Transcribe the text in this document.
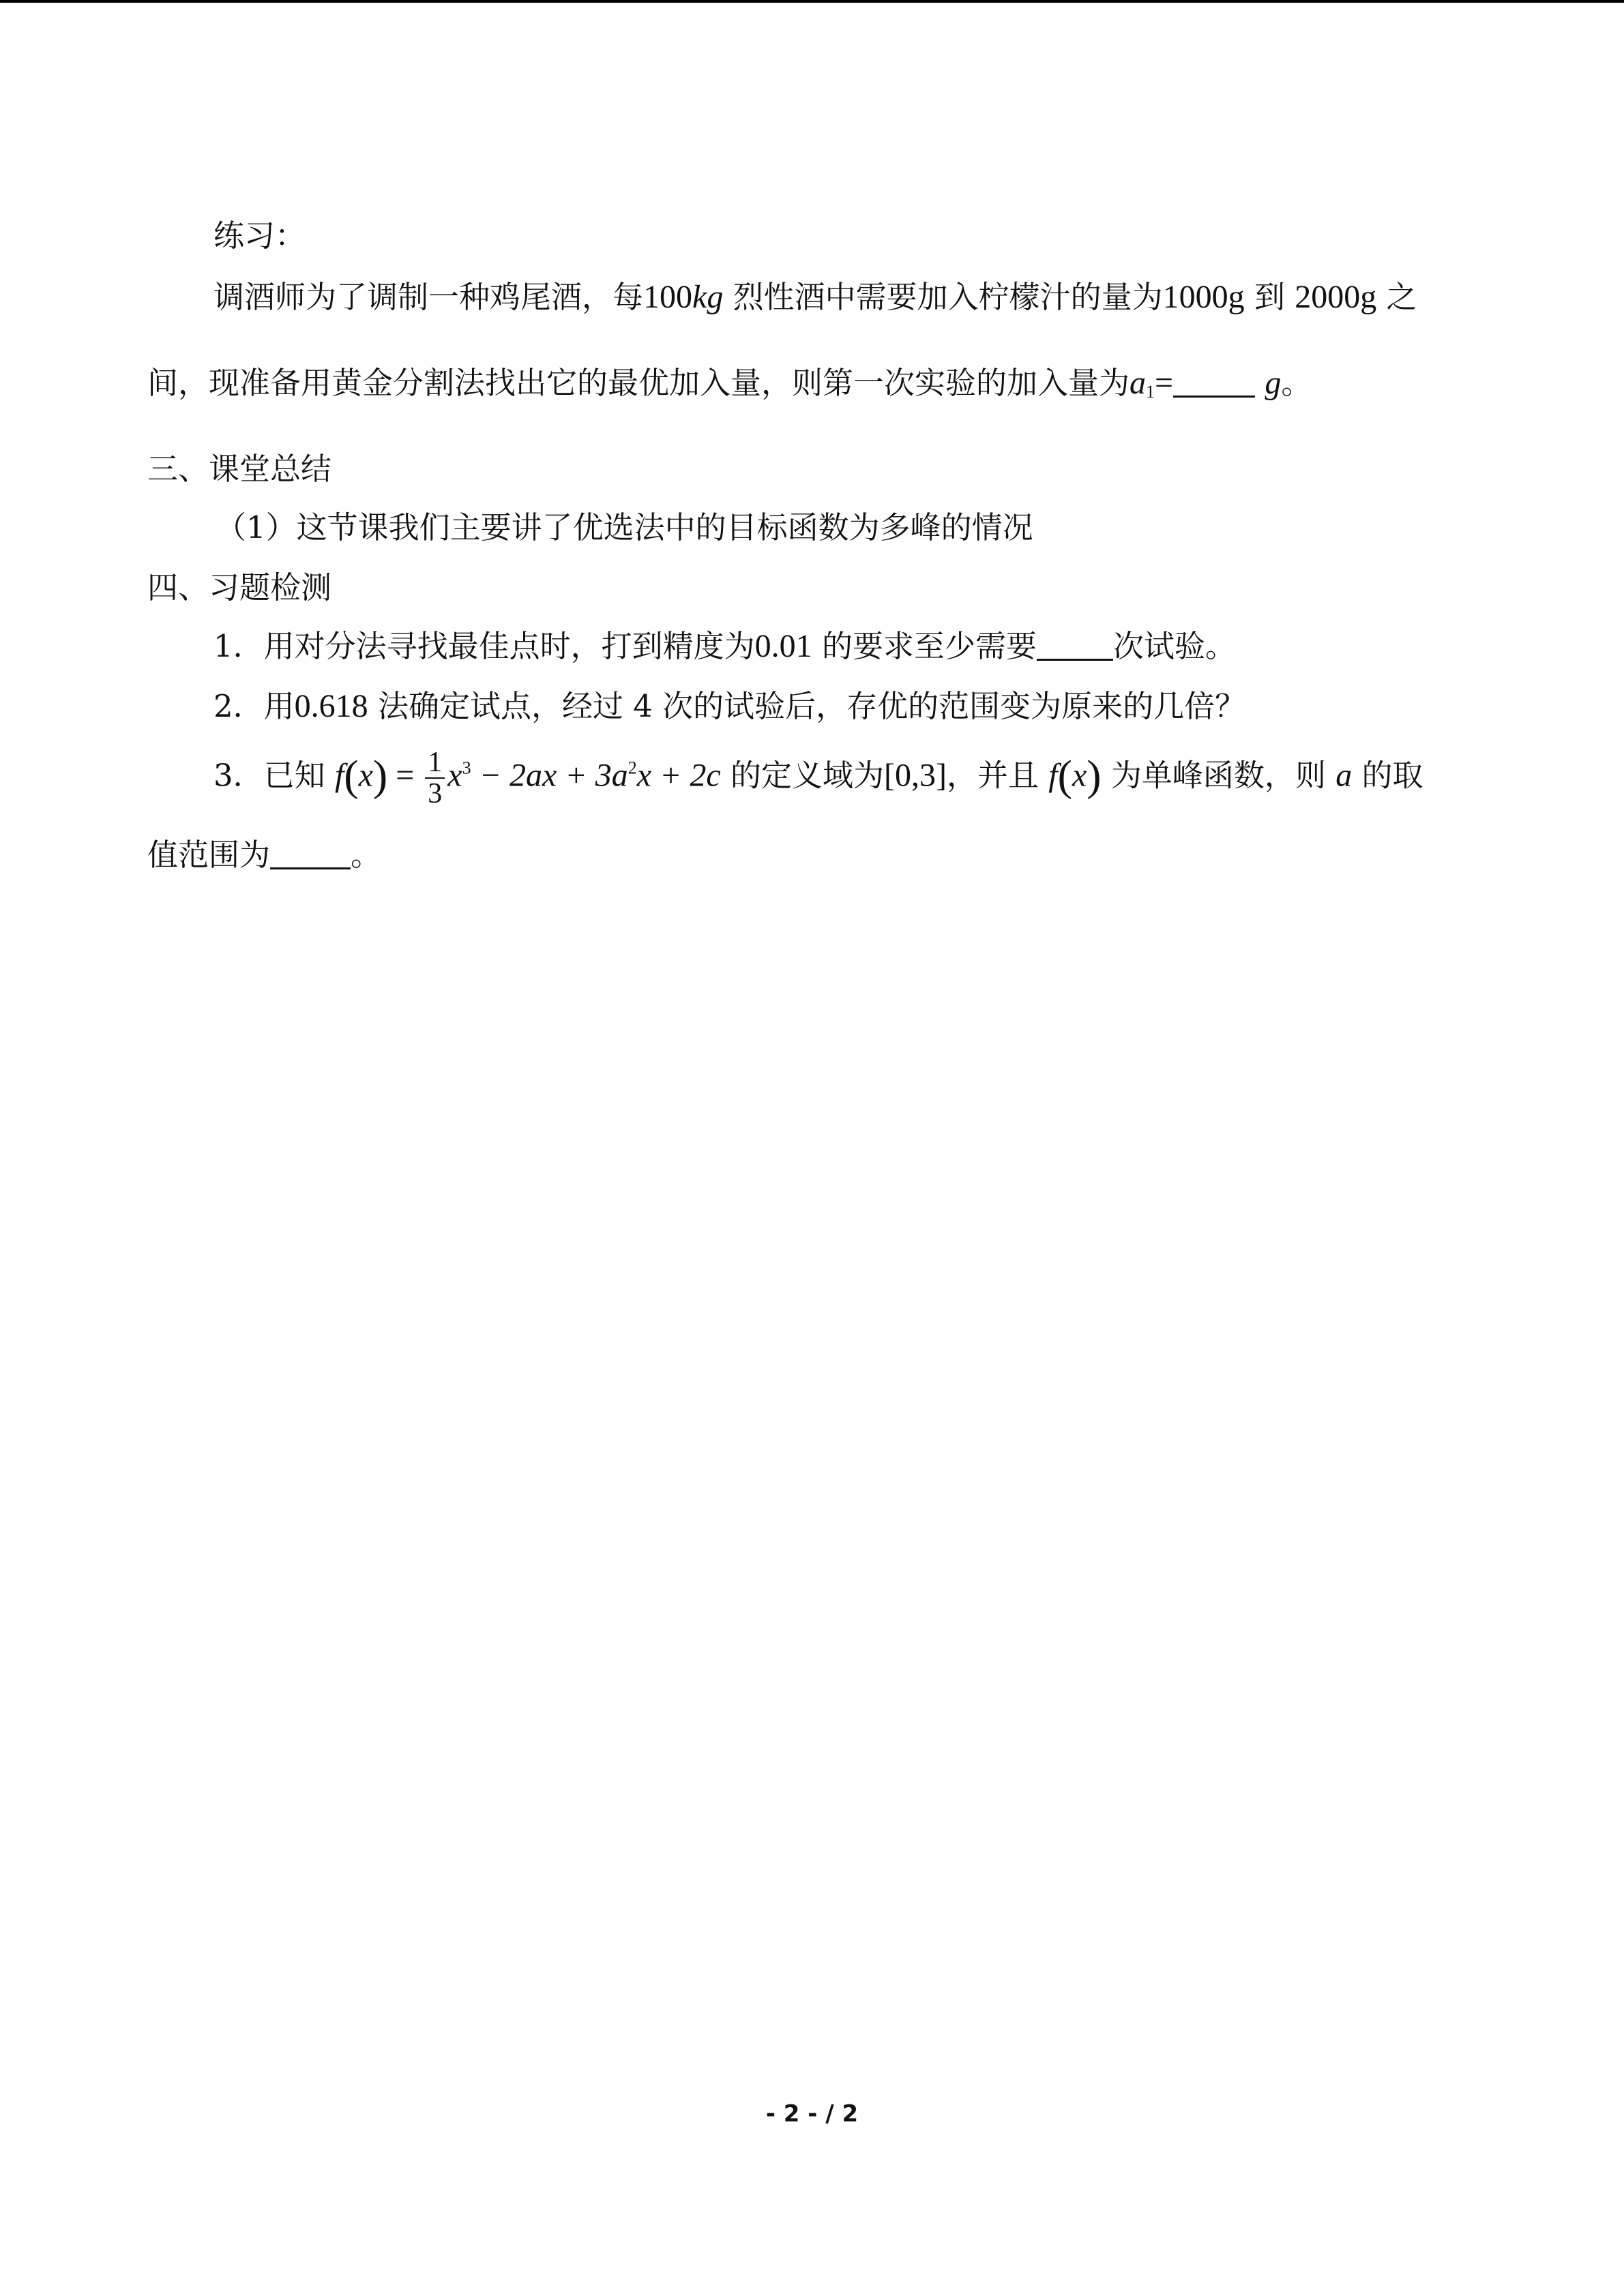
练习：
调酒师为了调制一种鸡尾酒，每100kg 烈性酒中需要加入柠檬汁的量为1000g 到 2000g 之
间，现准备用黄金分割法找出它的最优加入量，则第一次实验的加入量为$a_1=$	g。
三、课堂总结
（1）这节课我们主要讲了优选法中的目标函数为多峰的情况
四、习题检测
1．用对分法寻找最佳点时，打到精度为0.01 的要求至少需要 次试验。
2．用0.618 法确定试点，经过 4 次的试验后，存优的范围变为原来的几倍？
3．已知 $f(x) = \frac{1}{3} x^3 - 2ax + 3a^2x + 2c$ 的定义域为[0,3]，并且 f(x) 为单峰函数，则 a 的取
值范围为	。
- 2 - / 2
